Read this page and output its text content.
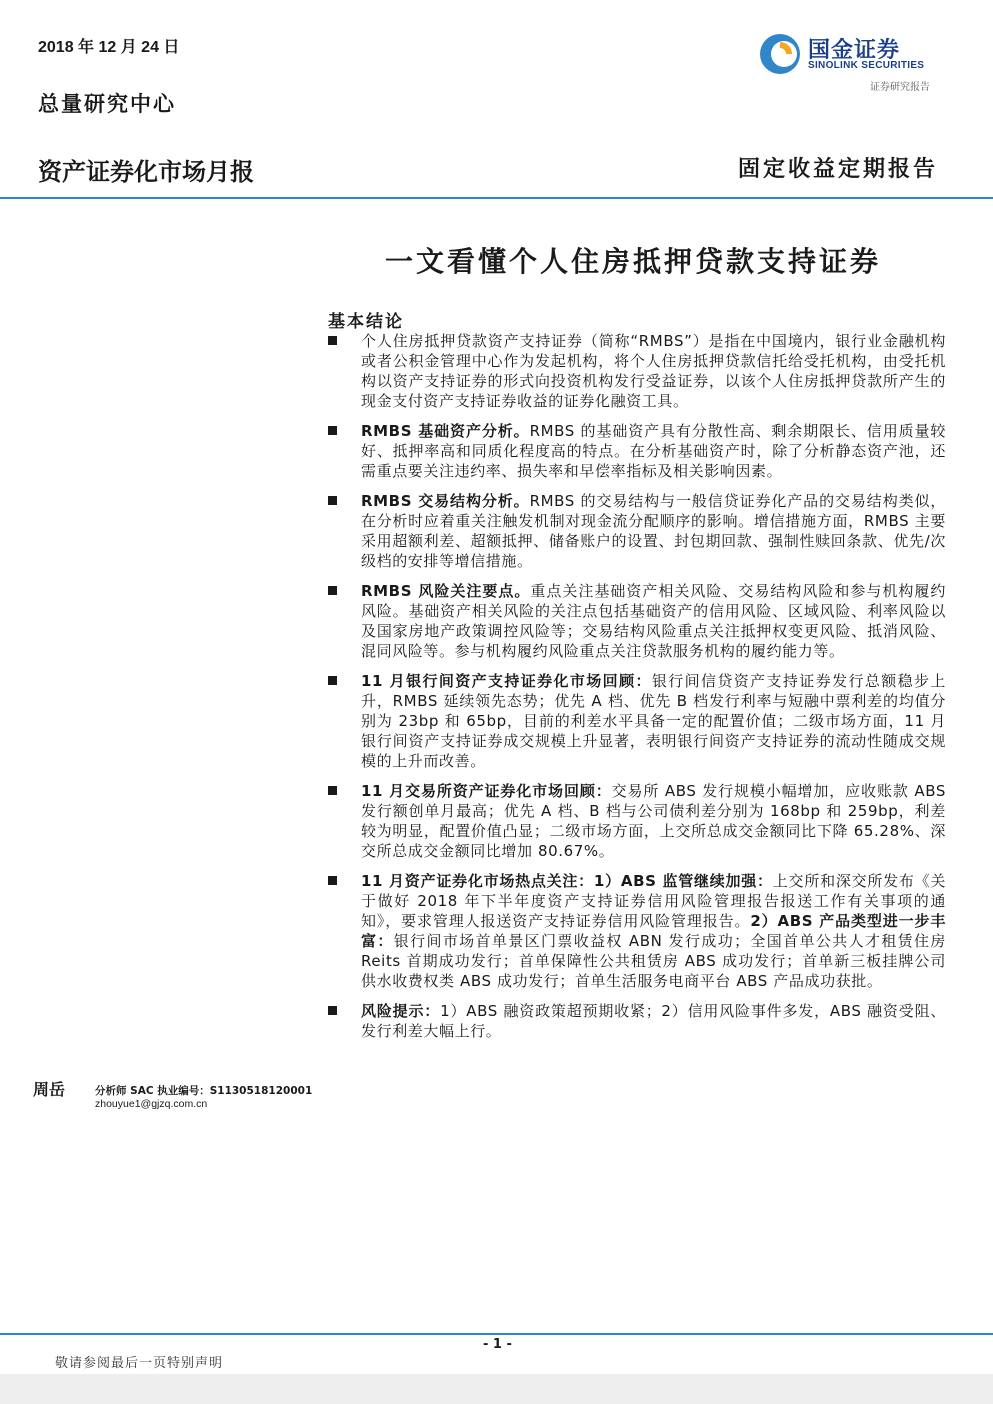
2018 年 12 月 24 日
总量研究中心
资产证券化市场月报	固定收益定期报告
国金证券
SINOLINK SECURITIES
证券研究报告
一文看懂个人住房抵押贷款支持证券
基本结论
个人住房抵押贷款资产支持证券（简称“RMBS”）是指在中国境内，银行业金融机构或者公积金管理中心作为发起机构，将个人住房抵押贷款信托给受托机构，由受托机构以资产支持证券的形式向投资机构发行受益证券，以该个人住房抵押贷款所产生的现金支付资产支持证券收益的证券化融资工具。
RMBS 基础资产分析。RMBS 的基础资产具有分散性高、剩余期限长、信用质量较好、抵押率高和同质化程度高的特点。在分析基础资产时，除了分析静态资产池，还需重点要关注违约率、损失率和早偿率指标及相关影响因素。
RMBS 交易结构分析。RMBS 的交易结构与一般信贷证券化产品的交易结构类似，在分析时应着重关注触发机制对现金流分配顺序的影响。增信措施方面，RMBS 主要采用超额利差、超额抵押、储备账户的设置、封包期回款、强制性赎回条款、优先/次级档的安排等增信措施。
RMBS 风险关注要点。重点关注基础资产相关风险、交易结构风险和参与机构履约风险。基础资产相关风险的关注点包括基础资产的信用风险、区域风险、利率风险以及国家房地产政策调控风险等；交易结构风险重点关注抵押权变更风险、抵消风险、混同风险等。参与机构履约风险重点关注贷款服务机构的履约能力等。
11 月银行间资产支持证券化市场回顾：银行间信贷资产支持证券发行总额稳步上升，RMBS 延续领先态势；优先 A 档、优先 B 档发行利率与短融中票利差的均值分别为 23bp 和 65bp，目前的利差水平具备一定的配置价值；二级市场方面，11 月银行间资产支持证券成交规模上升显著，表明银行间资产支持证券的流动性随成交规模的上升而改善。
11 月交易所资产证券化市场回顾：交易所 ABS 发行规模小幅增加，应收账款 ABS 发行额创单月最高；优先 A 档、B 档与公司债利差分别为 168bp 和 259bp，利差较为明显，配置价值凸显；二级市场方面，上交所总成交金额同比下降 65.28%、深交所总成交金额同比增加 80.67%。
11 月资产证券化市场热点关注：1）ABS 监管继续加强：上交所和深交所发布《关于做好 2018 年下半年度资产支持证券信用风险管理报告报送工作有关事项的通知》，要求管理人报送资产支持证券信用风险管理报告。2）ABS 产品类型进一步丰富：银行间市场首单景区门票收益权 ABN 发行成功；全国首单公共人才租赁住房 Reits 首期成功发行；首单保障性公共租赁房 ABS 成功发行；首单新三板挂牌公司供水收费权类 ABS 成功发行；首单生活服务电商平台 ABS 产品成功获批。
风险提示：1）ABS 融资政策超预期收紧；2）信用风险事件多发，ABS 融资受阻、发行利差大幅上行。
周岳	分析师 SAC 执业编号：S1130518120001
zhouyue1@gjzq.com.cn
- 1 -
敬请参阅最后一页特别声明
